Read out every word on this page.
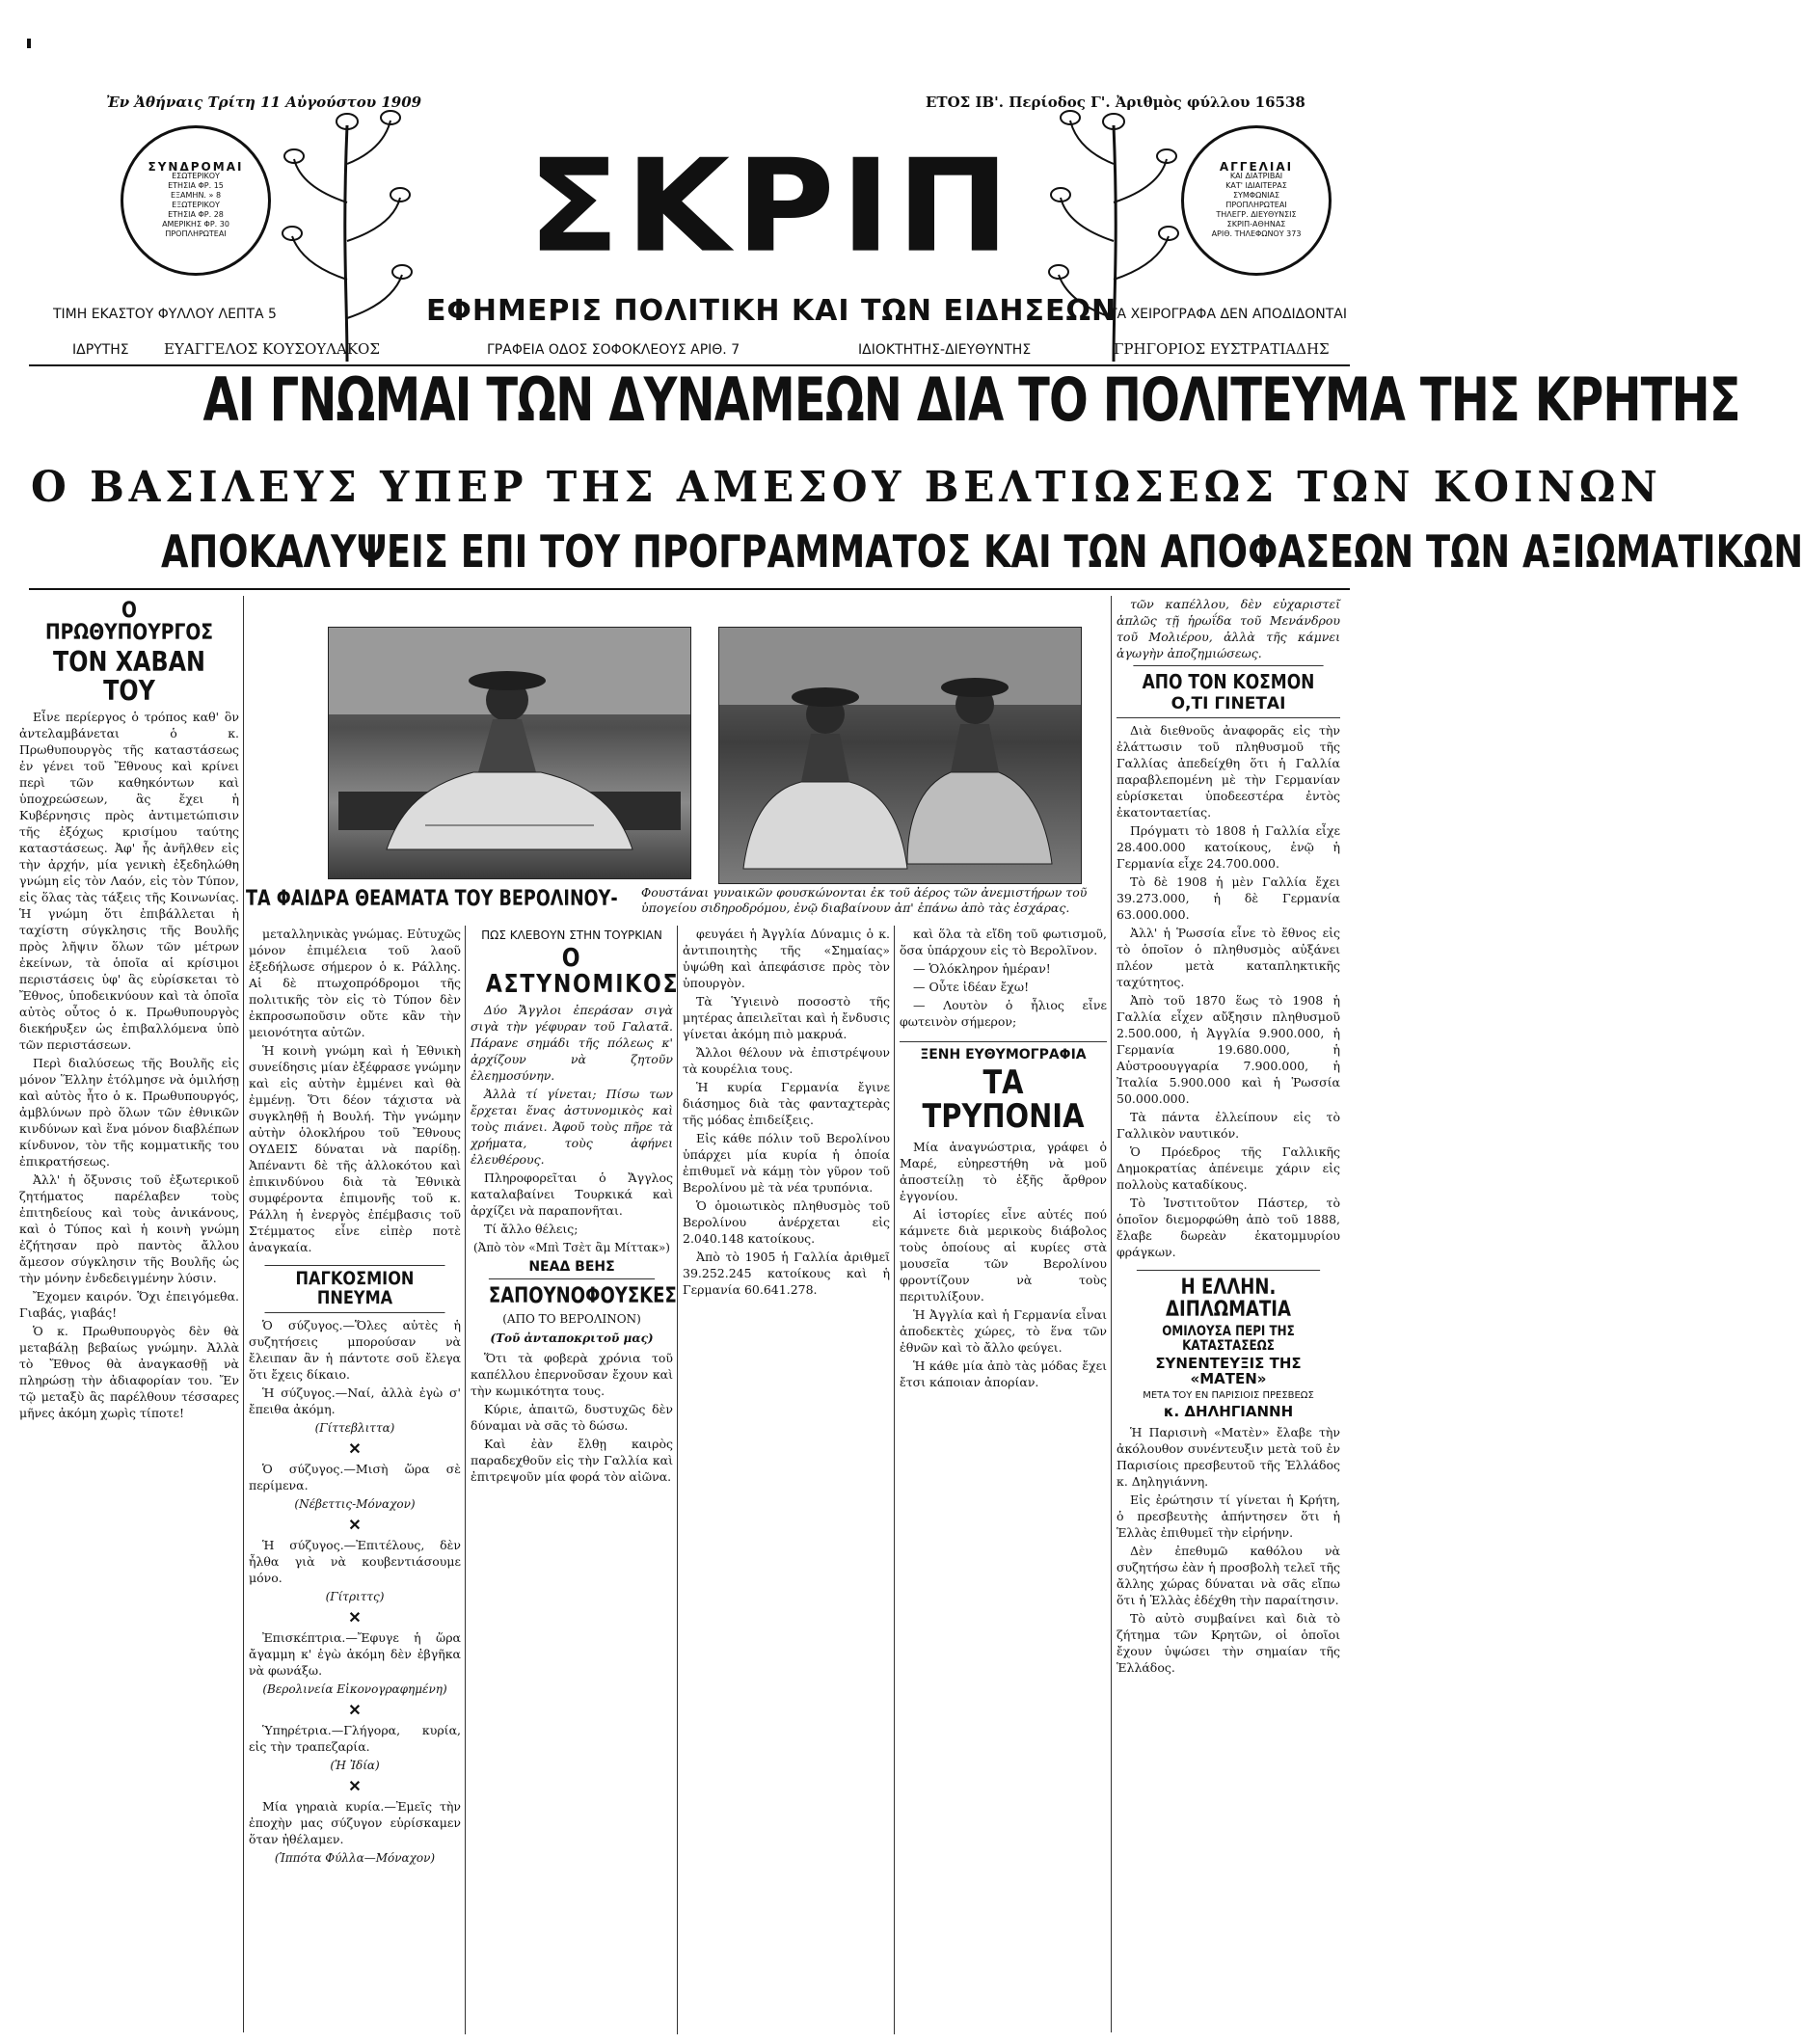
Ἐν Ἀθήναις Τρίτη 11 Αὐγούστου 1909	ΕΤΟΣ ΙΒ'. Περίοδος Γ'. Ἀριθμὸς φύλλου 16538
ΣΥΝΔΡΟΜΑΙ
ΕΣΩΤΕΡΙΚΟΥ
ΕΤΗΣΙΑ ΦΡ. 15
ΕΞΑΜΗΝ. » 8
ΕΞΩΤΕΡΙΚΟΥ
ΕΤΗΣΙΑ ΦΡ. 28
ΑΜΕΡΙΚΗΣ ΦΡ. 30
ΠΡΟΠΛΗΡΩΤΕΑΙ	ΣΚΡΙΠ	ΑΓΓΕΛΙΑΙ
ΚΑΙ ΔΙΑΤΡΙΒΑΙ
ΚΑΤ' ΙΔΙΑΙΤΕΡΑΣ
ΣΥΜΦΩΝΙΑΣ
ΠΡΟΠΛΗΡΩΤΕΑΙ
ΤΗΛΕΓΡ. ΔΙΕΥΘΥΝΣΙΣ
ΣΚΡΙΠ-ΑΘΗΝΑΣ
ΑΡΙΘ. ΤΗΛΕΦΩΝΟΥ 373
ΤΙΜΗ ΕΚΑΣΤΟΥ ΦΥΛΛΟΥ ΛΕΠΤΑ 5	ΕΦΗΜΕΡΙΣ ΠΟΛΙΤΙΚΗ ΚΑΙ ΤΩΝ ΕΙΔΗΣΕΩΝ
ΤΑ ΧΕΙΡΟΓΡΑΦΑ ΔΕΝ ΑΠΟΔΙΔΟΝΤΑΙ
ΙΔΡΥΤΗΣ ΕΥΑΓΓΕΛΟΣ ΚΟΥΣΟΥΛΑΚΟΣ	ΓΡΑΦΕΙΑ ΟΔΟΣ ΣΟΦΟΚΛΕΟΥΣ ΑΡΙΘ. 7	ΙΔΙΟΚΤΗΤΗΣ-ΔΙΕΥΘΥΝΤΗΣ	ΓΡΗΓΟΡΙΟΣ ΕΥΣΤΡΑΤΙΑΔΗΣ
ΑΙ ΓΝΩΜΑΙ ΤΩΝ ΔΥΝΑΜΕΩΝ ΔΙΑ ΤΟ ΠΟΛΙΤΕΥΜΑ ΤΗΣ ΚΡΗΤΗΣ
Ο ΒΑΣΙΛΕΥΣ ΥΠΕΡ ΤΗΣ ΑΜΕΣΟΥ ΒΕΛΤΙΩΣΕΩΣ ΤΩΝ ΚΟΙΝΩΝ
ΑΠΟΚΑΛΥΨΕΙΣ ΕΠΙ ΤΟΥ ΠΡΟΓΡΑΜΜΑΤΟΣ ΚΑΙ ΤΩΝ ΑΠΟΦΑΣΕΩΝ ΤΩΝ ΑΞΙΩΜΑΤΙΚΩΝ
Ο ΠΡΩΘΥΠΟΥΡΓΟΣ
ΤΟΝ ΧΑΒΑΝ ΤΟΥ

Εἶνε περίεργος ὁ τρόπος καθ' ὃν ἀντελαμβάνεται ὁ κ. Πρωθυπουργὸς τῆς καταστάσεως ἐν γένει τοῦ Ἔθνους καὶ κρίνει περὶ τῶν καθηκόντων καὶ ὑποχρεώσεων, ἃς ἔχει ἡ Κυβέρνησις πρὸς ἀντιμετώπισιν τῆς ἐξόχως κρισίμου ταύτης καταστάσεως. Ἀφ' ἧς ἀνῆλθεν εἰς τὴν ἀρχήν, μία γενικὴ ἐξεδηλώθη γνώμη εἰς τὸν Λαόν, εἰς τὸν Τύπον, εἰς ὅλας τὰς τάξεις τῆς Κοινωνίας. Ἡ γνώμη ὅτι ἐπιβάλλεται ἡ ταχίστη σύγκλησις τῆς Βουλῆς πρὸς λῆψιν ὅλων τῶν μέτρων ἐκείνων, τὰ ὁποῖα αἱ κρίσιμοι περιστάσεις ὑφ' ἃς εὑρίσκεται τὸ Ἔθνος, ὑποδεικνύουν καὶ τὰ ὁποῖα αὐτὸς οὗτος ὁ κ. Πρωθυπουργὸς διεκήρυξεν ὡς ἐπιβαλλόμενα ὑπὸ τῶν περιστάσεων.

Περὶ διαλύσεως τῆς Βουλῆς εἰς μόνον Ἕλλην ἐτόλμησε νὰ ὁμιλήσῃ καὶ αὐτὸς ἦτο ὁ κ. Πρωθυπουργός, ἀμβλύνων πρὸ ὅλων τῶν ἐθνικῶν κινδύνων καὶ ἕνα μόνον διαβλέπων κίνδυνον, τὸν τῆς κομματικῆς του ἐπικρατήσεως.

Ἀλλ' ἡ ὄξυνσις τοῦ ἐξωτερικοῦ ζητήματος παρέλαβεν τοὺς ἐπιτηδείους καὶ τοὺς ἀνικάνους, καὶ ὁ Τύπος καὶ ἡ κοινὴ γνώμη ἐζήτησαν πρὸ παντὸς ἄλλου ἄμεσον σύγκλησιν τῆς Βουλῆς ὡς τὴν μόνην ἐνδεδειγμένην λύσιν.

Ἔχομεν καιρόν. Ὅχι ἐπειγόμεθα. Γιαβάς, γιαβάς!

Ὁ κ. Πρωθυπουργὸς δὲν θὰ μεταβάλῃ βεβαίως γνώμην. Ἀλλὰ τὸ Ἔθνος θὰ ἀναγκασθῇ νὰ πληρώσῃ τὴν ἀδιαφορίαν του. Ἔν τῷ μεταξὺ ἂς παρέλθουν τέσσαρες μῆνες ἀκόμη χωρὶς τίποτε!

ΤΑ ΦΑΙΔΡΑ ΘΕΑΜΑΤΑ ΤΟΥ ΒΕΡΟΛΙΝΟΥ-	Φουστάναι γυναικῶν φουσκώνονται ἐκ τοῦ ἀέρος τῶν ἀνεμιστήρων τοῦ ὑπογείου σιδηροδρόμου, ἐνῷ διαβαίνουν ἀπ' ἐπάνω ἀπὸ τὰς ἐσχάρας.

μεταλληνικὰς γνώμας. Εὐτυχῶς μόνον ἐπιμέλεια τοῦ λαοῦ ἐξεδήλωσε σήμερον ὁ κ. Ράλλης. Αἱ δὲ πτωχοπρόδρομοι τῆς πολιτικῆς τὸν εἰς τὸ Τύπον δὲν ἐκπροσωποῦσιν οὔτε κἂν τὴν μειονότητα αὐτῶν.

Ἡ κοινὴ γνώμη καὶ ἡ Ἐθνικὴ συνείδησις μίαν ἐξέφρασε γνώμην καὶ εἰς αὐτὴν ἐμμένει καὶ θὰ ἐμμένῃ. Ὅτι δέον τάχιστα νὰ συγκληθῇ ἡ Βουλή. Τὴν γνώμην αὐτὴν ὁλοκλήρου τοῦ Ἔθνους ΟΥΔΕΙΣ δύναται νὰ παρίδῃ. Ἀπέναντι δὲ τῆς ἀλλοκότου καὶ ἐπικινδύνου διὰ τὰ Ἐθνικὰ συμφέροντα ἐπιμονῆς τοῦ κ. Ράλλη ἡ ἐνεργὸς ἐπέμβασις τοῦ Στέμματος εἶνε εἰπὲρ ποτὲ ἀναγκαία.

ΠΑΓΚΟΣΜΙΟΝ ΠΝΕΥΜΑ

Ὁ σύζυγος.—Ὅλες αὐτὲς ἡ συζητήσεις μπορούσαν νὰ ἔλειπαν ἂν ἡ πάντοτε σοῦ ἔλεγα ὅτι ἔχεις δίκαιο.

Ἡ σύζυγος.—Ναί, ἀλλὰ ἐγὼ σ' ἔπειθα ἀκόμη.

(Γίττεβλιττα)
✕

Ὁ σύζυγος.—Μισὴ ὥρα σὲ περίμενα.

(Νέβεττις-Μόναχον)
✕

Ἡ σύζυγος.—Ἐπιτέλους, δὲν ἦλθα γιὰ νὰ κουβεντιάσουμε μόνο.

(Γίτριττς)
✕

Ἐπισκέπτρια.—Ἔφυγε ἡ ὥρα ἄγαμμη κ' ἐγὼ ἀκόμη δὲν ἐβγῆκα νὰ φωνάξω.

(Βερολινεία Εἰκονογραφημένη)
✕

Ὑπηρέτρια.—Γλήγορα, κυρία, εἰς τὴν τραπεζαρία.

(Ἡ Ἰδία)
✕

Μία γηραιὰ κυρία.—Ἐμεῖς τὴν ἐποχὴν μας σύζυγον εὑρίσκαμεν ὅταν ἠθέλαμεν.

(Ἱππότα Φύλλα—Μόναχον)
ΠΩΣ ΚΛΕΒΟΥΝ ΣΤΗΝ ΤΟΥΡΚΙΑΝ
Ο ΑΣΤΥΝΟΜΙΚΟΣ

Δύο Ἄγγλοι ἐπεράσαν σιγὰ σιγὰ τὴν γέφυραν τοῦ Γαλατᾶ. Πάρανε σημάδι τῆς πόλεως κ' ἀρχίζουν νὰ ζητοῦν ἐλεημοσύνην.

Ἀλλὰ τί γίνεται; Πίσω των ἔρχεται ἕνας ἀστυνομικὸς καὶ τοὺς πιάνει. Ἀφοῦ τοὺς πῆρε τὰ χρήματα, τοὺς ἀφήνει ἐλευθέρους.

Πληροφορεῖται ὁ Ἄγγλος καταλαβαίνει Τουρκικά καὶ ἀρχίζει νὰ παραπονῆται.

Τί ἄλλο θέλεις;

(Ἀπὸ τὸν «Μπὶ Τσὲτ ἂμ Μίττακ»)
ΝΕΑΔ ΒΕΗΣ
ΣΑΠΟΥΝΟΦΟΥΣΚΕΣ
(ΑΠΟ ΤΟ ΒΕΡΟΛΙΝΟΝ)
(Τοῦ ἀνταποκριτοῦ μας)

Ὅτι τὰ φοβερὰ χρόνια τοῦ καπέλλου ἐπερνοῦσαν ἔχουν καὶ τὴν κωμικότητα τους.

Κύριε, ἀπαιτῶ, δυστυχῶς δὲν δύναμαι νὰ σᾶς τὸ δώσω.

Καὶ ἐὰν ἔλθῃ καιρὸς παραδεχθοῦν εἰς τὴν Γαλλία καὶ ἐπιτρεψοῦν μία φορά τὸν αἰῶνα.

φευγάει ἡ Ἀγγλία Δύναμις ὁ κ. ἀντιποιητὴς τῆς «Σημαίας» ὑψώθη καὶ ἀπεφάσισε πρὸς τὸν ὑπουργὸν.

Τὰ Ὑγιεινὸ ποσοστὸ τῆς μητέρας ἀπειλεῖται καὶ ἡ ἔνδυσις γίνεται ἀκόμη πιὸ μακρυά.

Ἄλλοι θέλουν νὰ ἐπιστρέψουν τὰ κουρέλια τους.

Ἡ κυρία Γερμανία ἔγινε διάσημος διὰ τὰς φανταχτερὰς τῆς μόδας ἐπιδείξεις.

Εἰς κάθε πόλιν τοῦ Βερολίνου ὑπάρχει μία κυρία ἡ ὁποία ἐπιθυμεῖ νὰ κάμῃ τὸν γῦρον τοῦ Βερολίνου μὲ τὰ νέα τρυπόνια.

Ὁ ὁμοιωτικὸς πληθυσμὸς τοῦ Βερολίνου ἀνέρχεται εἰς 2.040.148 κατοίκους.

Ἀπὸ τὸ 1905 ἡ Γαλλία ἀριθμεῖ 39.252.245 κατοίκους καὶ ἡ Γερμανία 60.641.278.

καὶ ὅλα τὰ εἴδη τοῦ φωτισμοῦ, ὅσα ὑπάρχουν εἰς τὸ Βερολῖνον.

— Ὁλόκληρον ἡμέραν!

— Οὖτε ἰδέαν ἔχω!

— Λουτὸν ὁ ἦλιος εἶνε φωτεινὸν σήμερον;

ΞΕΝΗ ΕΥΘΥΜΟΓΡΑΦΙΑ
ΤΑ ΤΡΥΠΟΝΙΑ

Μία ἀναγνώστρια, γράφει ὁ Μαρέ, εὐηρεστήθη νὰ μοῦ ἀποστείλῃ τὸ ἑξῆς ἄρθρον ἐγγονίου.

Αἱ ἱστορίες εἶνε αὐτές πού κάμνετε διὰ μερικοὺς διάβολος τοὺς ὁποίους αἱ κυρίες στὰ μουσεῖα τῶν Βερολίνου φροντίζουν νὰ τοὺς περιτυλίξουν.

Ἡ Ἀγγλία καὶ ἡ Γερμανία εἶναι ἀποδεκτὲς χώρες, τὸ ἕνα τῶν ἐθνῶν καὶ τὸ ἄλλο φεύγει.

Ἡ κάθε μία ἀπὸ τὰς μόδας ἔχει ἔτσι κάποιαν ἀπορίαν.

τῶν καπέλλου, δὲν εὐχαριστεῖ ἁπλῶς τῇ ἡρωΐδα τοῦ Μενάνδρου τοῦ Μολιέρου, ἀλλὰ τῆς κάμνει ἀγωγὴν ἀποζημιώσεως.

ΑΠΟ ΤΟΝ ΚΟΣΜΟΝ
Ο,ΤΙ ΓΙΝΕΤΑΙ

Διὰ διεθνοῦς ἀναφορᾶς εἰς τὴν ἐλάττωσιν τοῦ πληθυσμοῦ τῆς Γαλλίας ἀπεδείχθη ὅτι ἡ Γαλλία παραβλεπομένη μὲ τὴν Γερμανίαν εὑρίσκεται ὑποδεεστέρα ἐντὸς ἐκατονταετίας.

Πρόγματι τὸ 1808 ἡ Γαλλία εἶχε 28.400.000 κατοίκους, ἐνῷ ἡ Γερμανία εἶχε 24.700.000.

Τὸ δὲ 1908 ἡ μὲν Γαλλία ἔχει 39.273.000, ἡ δὲ Γερμανία 63.000.000.

Ἀλλ' ἡ Ῥωσσία εἶνε τὸ ἔθνος εἰς τὸ ὁποῖον ὁ πληθυσμὸς αὐξάνει πλέον μετὰ καταπληκτικῆς ταχύτητος.

Ἀπὸ τοῦ 1870 ἕως τὸ 1908 ἡ Γαλλία εἶχεν αὔξησιν πληθυσμοῦ 2.500.000, ἡ Ἀγγλία 9.900.000, ἡ Γερμανία 19.680.000, ἡ Αὐστροουγγαρία 7.900.000, ἡ Ἰταλία 5.900.000 καὶ ἡ Ῥωσσία 50.000.000.

Τὰ πάντα ἐλλείπουν εἰς τὸ Γαλλικὸν ναυτικόν.

Ὁ Πρόεδρος τῆς Γαλλικῆς Δημοκρατίας ἀπένειμε χάριν εἰς πολλοὺς καταδίκους.

Τὸ Ἰνστιτοῦτον Πάστερ, τὸ ὁποῖον διεμορφώθη ἀπὸ τοῦ 1888, ἔλαβε δωρεὰν ἑκατομμυρίου φράγκων.

Η ΕΛΛΗΝ. ΔΙΠΛΩΜΑΤΙΑ
ΟΜΙΛΟΥΣΑ ΠΕΡΙ ΤΗΣ ΚΑΤΑΣΤΑΣΕΩΣ
ΣΥΝΕΝΤΕΥΞΙΣ ΤΗΣ «ΜΑΤΕΝ»
ΜΕΤΑ ΤΟΥ ΕΝ ΠΑΡΙΣΙΟΙΣ ΠΡΕΣΒΕΩΣ
κ. ΔΗΛΗΓΙΑΝΝΗ

Ἡ Παρισινὴ «Ματὲν» ἔλαβε τὴν ἀκόλουθον συνέντευξιν μετὰ τοῦ ἐν Παρισίοις πρεσβευτοῦ τῆς Ἑλλάδος κ. Δηληγιάννη.

Εἰς ἐρώτησιν τί γίνεται ἡ Κρήτη, ὁ πρεσβευτὴς ἀπήντησεν ὅτι ἡ Ἑλλὰς ἐπιθυμεῖ τὴν εἰρήνην.

Δὲν ἐπεθυμῶ καθόλου νὰ συζητήσω ἐὰν ἡ προσβολὴ τελεῖ τῆς ἄλλης χώρας δύναται νὰ σᾶς εἴπω ὅτι ἡ Ἑλλὰς ἐδέχθη τὴν παραίτησιν.

Τὸ αὐτὸ συμβαίνει καὶ διὰ τὸ ζήτημα τῶν Κρητῶν, οἱ ὁποῖοι ἔχουν ὑψώσει τὴν σημαίαν τῆς Ἑλλάδος.
